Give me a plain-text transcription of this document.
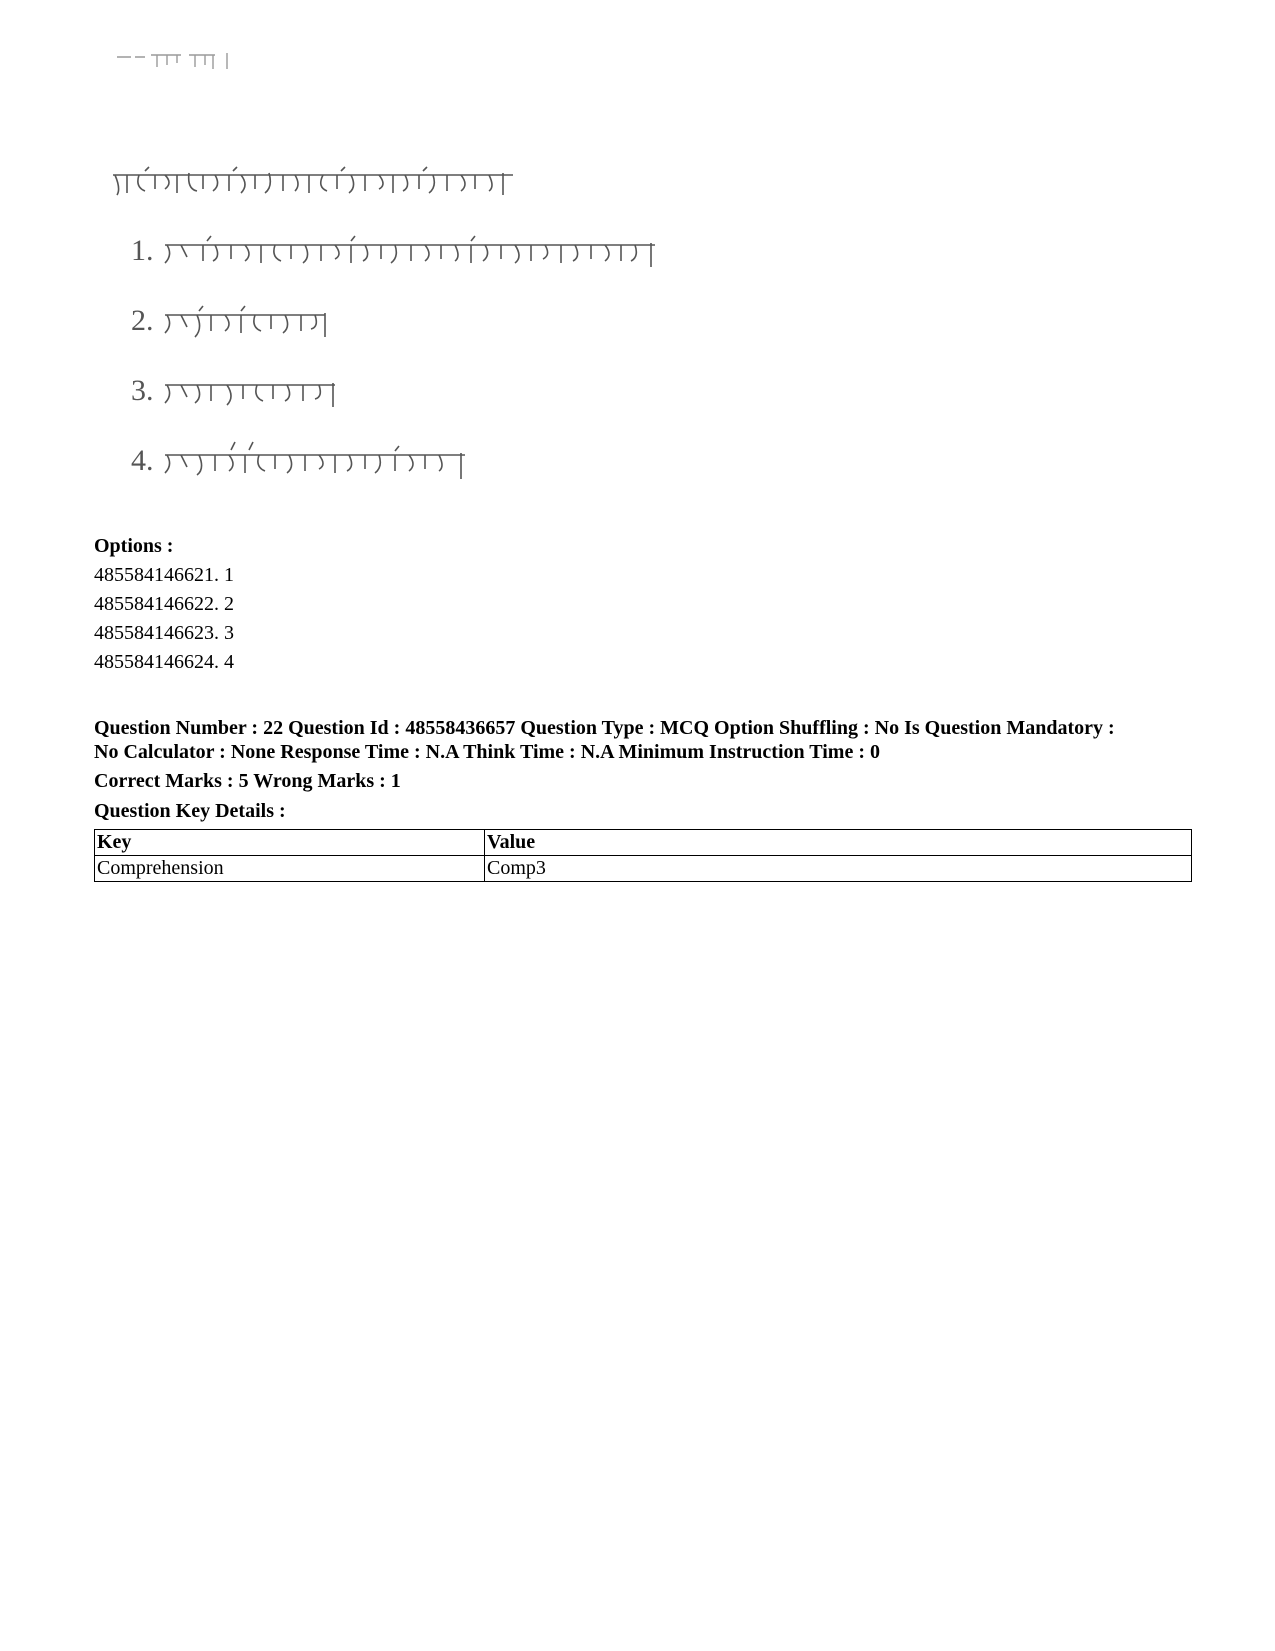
1.
2.
3.
4.
Options :
485584146621. 1
485584146622. 2
485584146623. 3
485584146624. 4
Question Number : 22 Question Id : 48558436657 Question Type : MCQ Option Shuffling : No Is Question Mandatory :
No Calculator : None Response Time : N.A Think Time : N.A Minimum Instruction Time : 0
Correct Marks : 5 Wrong Marks : 1
Question Key Details :
Key	Value
Comprehension	Comp3
